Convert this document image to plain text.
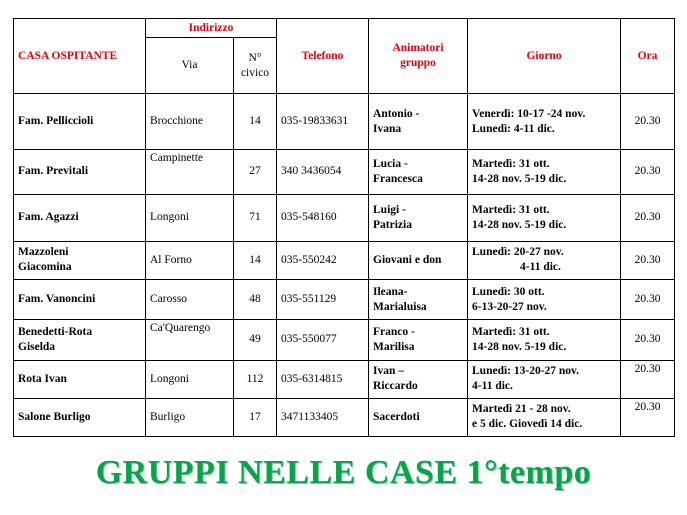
CASA OSPITANTE	Indirizzo		Telefono	Animatori
gruppo	Giorno	Ora
	Via	N°
civico				

Fam. Pelliccioli	Brocchione	14	035-19833631	Antonio -
Ivana	Venerdì: 10-17 -24 nov.
Lunedì: 4-11 dic.	20.30

Fam. Previtali	Campinette	27	340 3436054	Lucia -
Francesca	Martedì: 31 ott.
14-28 nov. 5-19 dic.	20.30

Fam. Agazzi	Longoni	71	035-548160	Luigi -
Patrizia	Martedì: 31 ott.
14-28 nov. 5-19 dic.	20.30

Mazzoleni
Giacomina	Al Forno	14	035-550242	Giovani e don	Lunedì: 20-27 nov.
4-11 dic.	20.30

Fam. Vanoncini	Carosso	48	035-551129	Ileana-
Marialuisa	Lunedì: 30 ott.
6-13-20-27 nov.	20.30

Benedetti-Rota
Giselda	Ca'Quarengo	49	035-550077	Franco -
Marilisa	Martedì: 31 ott.
14-28 nov. 5-19 dic.	20.30

Rota Ivan	Longoni	112	035-6314815	Ivan –
Riccardo	Lunedì: 13-20-27 nov.
4-11 dic.	20.30

Salone Burligo	Burligo	17	3471133405	Sacerdoti	Martedì 21 - 28 nov.
e 5 dic. Giovedì 14 dic.	20.30
GRUPPI NELLE CASE 1°tempo
